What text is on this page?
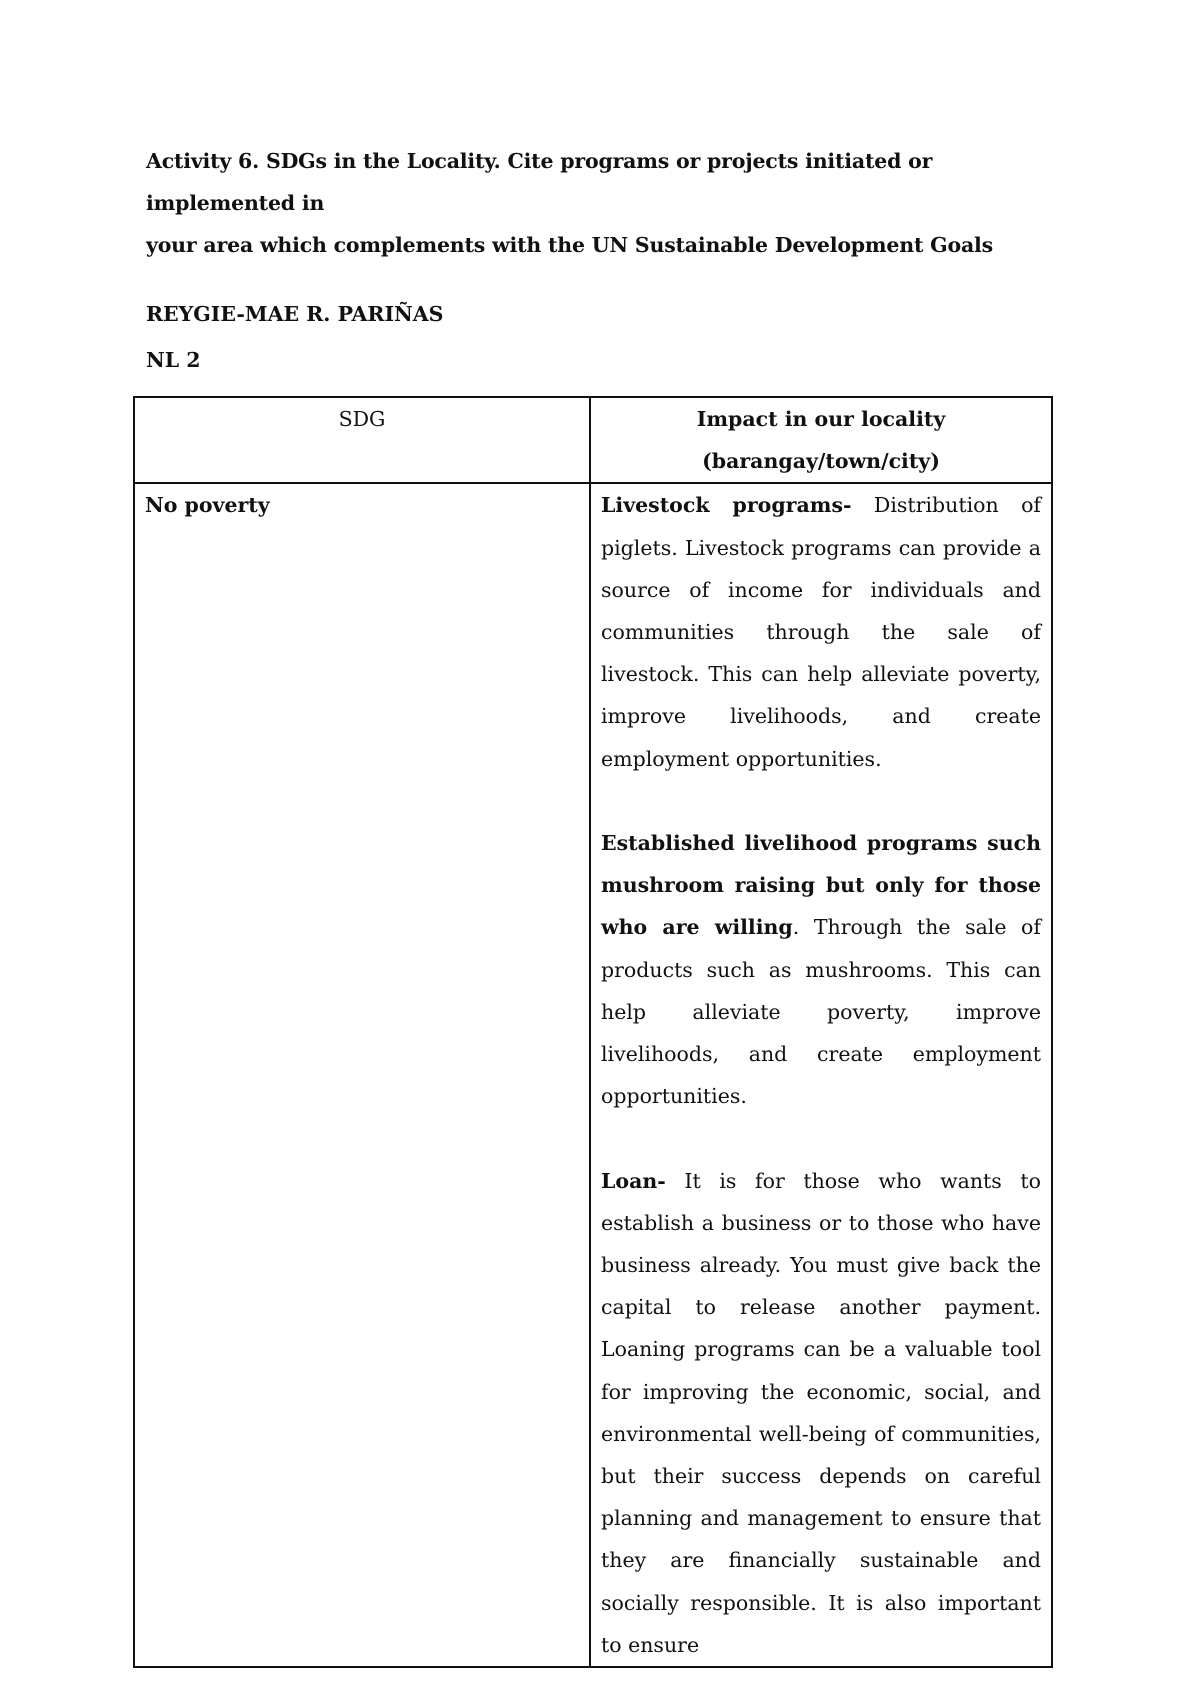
Activity 6. SDGs in the Locality. Cite programs or projects initiated or implemented in
your area which complements with the UN Sustainable Development Goals

REYGIE-MAE R. PARIÑAS

NL 2

SDG	Impact in our locality
(barangay/town/city)
No poverty	Livestock programs- Distribution of piglets. Livestock programs can provide a source of income for individuals and communities through the sale of livestock. This can help alleviate poverty, improve livelihoods, and create employment opportunities.

Established livelihood programs such mushroom raising but only for those who are willing. Through the sale of products such as mushrooms. This can help alleviate poverty, improve livelihoods, and create employment opportunities.

Loan- It is for those who wants to establish a business or to those who have business already. You must give back the capital to release another payment. Loaning programs can be a valuable tool for improving the economic, social, and environmental well-being of communities, but their success depends on careful planning and management to ensure that they are financially sustainable and socially responsible. It is also important to ensure
